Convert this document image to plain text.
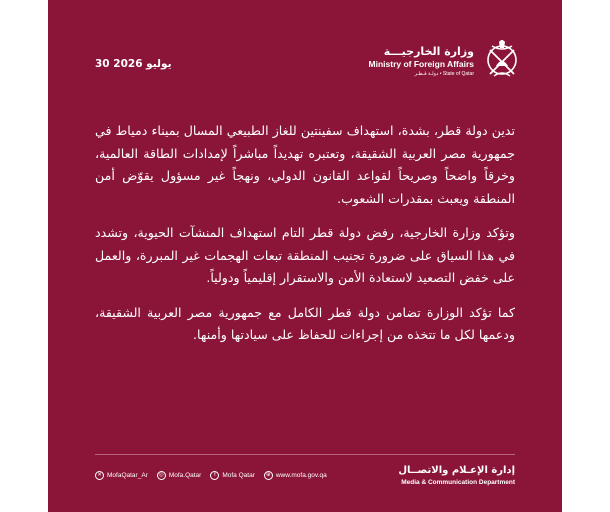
30 يوليو 2026
وزارة الخارجيـــة
Ministry of Foreign Affairs
State of Qatar • دولـة قـطـر

تدين دولة قطر، بشدة، استهداف سفينتين للغاز الطبيعي المسال بميناء دمياط في جمهورية مصر العربية الشقيقة، وتعتبره تهديداً مباشراً لإمدادات الطاقة العالمية، وخرقاً واضحاً وصريحاً لقواعد القانون الدولي، ونهجاً غير مسؤول يقوّض أمن المنطقة ويعبث بمقدرات الشعوب.

وتؤكد وزارة الخارجية، رفض دولة قطر التام استهداف المنشآت الحيوية، وتشدد في هذا السياق على ضرورة تجنيب المنطقة تبعات الهجمات غير المبررة، والعمل على خفض التصعيد لاستعادة الأمن والاستقرار إقليمياً ودولياً.

كما تؤكد الوزارة تضامن دولة قطر الكامل مع جمهورية مصر العربية الشقيقة، ودعمها لكل ما تتخذه من إجراءات للحفاظ على سيادتها وأمنها.

إدارة الإعـلام والاتصــال
Media & Communication Department
✕ MofaQatar_Ar	◎ Mofa.Qatar	f	Mofa Qatar	⊕ www.mofa.gov.qa
